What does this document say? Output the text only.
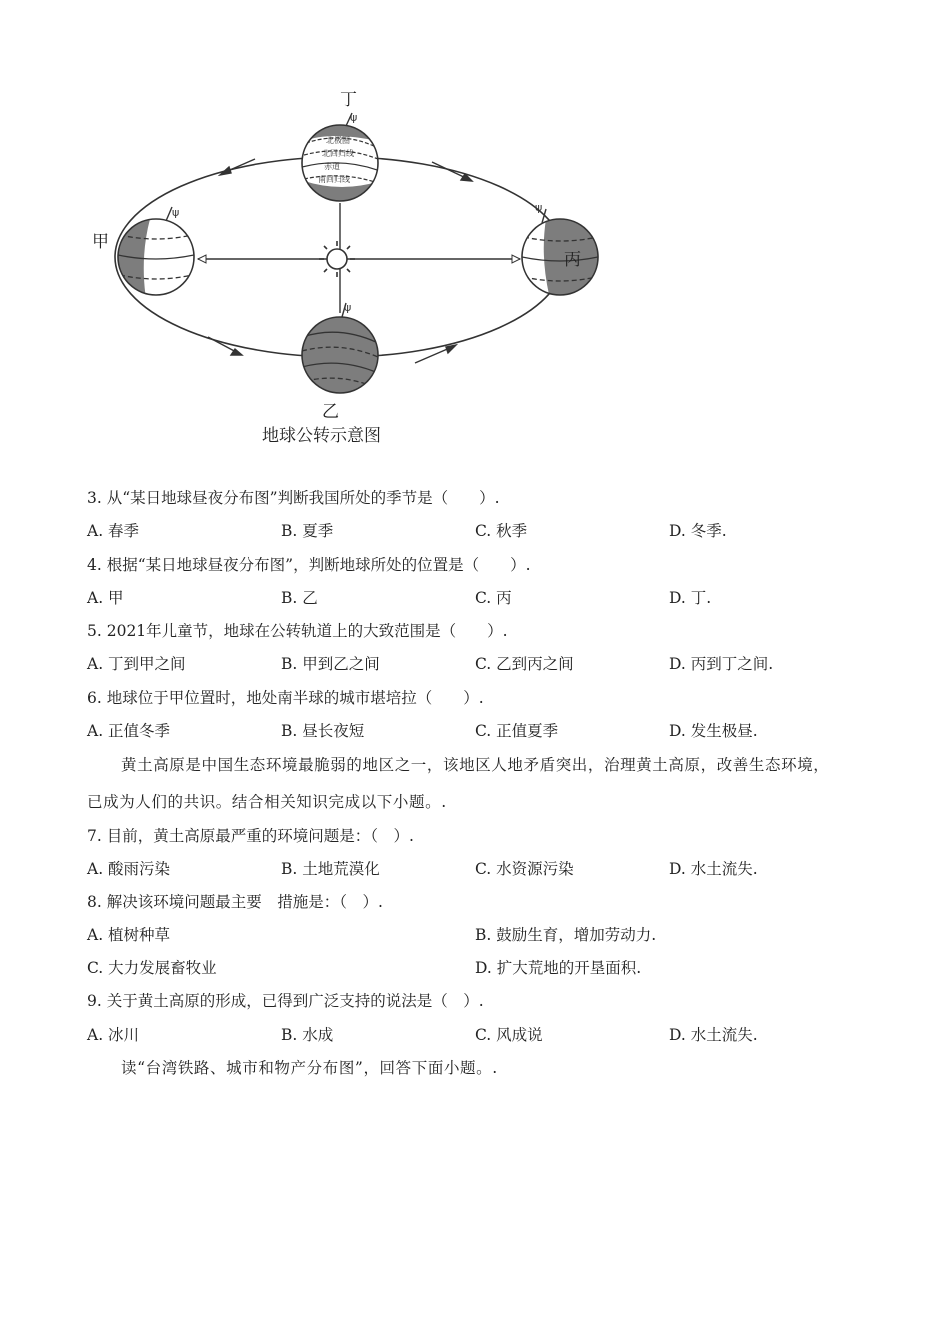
ψ	ψ
ψ
北极圈
北回归线
赤道
南回归线
ψ
丁
甲
丙
乙
地球公转示意图
3. 从“某日地球昼夜分布图”判断我国所处的季节是（　　）.
A. 春季	B. 夏季	C. 秋季	D. 冬季.
4. 根据“某日地球昼夜分布图”，判断地球所处的位置是（　　）.
A. 甲	B. 乙	C. 丙	D. 丁.
5. 2021年儿童节，地球在公转轨道上的大致范围是（　　）.
A. 丁到甲之间	B. 甲到乙之间	C. 乙到丙之间	D. 丙到丁之间.
6. 地球位于甲位置时，地处南半球的城市堪培拉（　　）.
A. 正值冬季	B. 昼长夜短	C. 正值夏季	D. 发生极昼.
黄土高原是中国生态环境最脆弱的地区之一，该地区人地矛盾突出，治理黄土高原，改善生态环境，
已成为人们的共识。结合相关知识完成以下小题。.
7. 目前，黄土高原最严重的环境问题是：（　）.
A. 酸雨污染	B. 土地荒漠化	C. 水资源污染	D. 水土流失.
8. 解决该环境问题最主要　措施是：（　）.
A. 植树种草	B. 鼓励生育，增加劳动力.
C. 大力发展畜牧业	D. 扩大荒地的开垦面积.
9. 关于黄土高原的形成，已得到广泛支持的说法是（　）.
A. 冰川	B. 水成	C. 风成说	D. 水土流失.
读“台湾铁路、城市和物产分布图”，回答下面小题。.
